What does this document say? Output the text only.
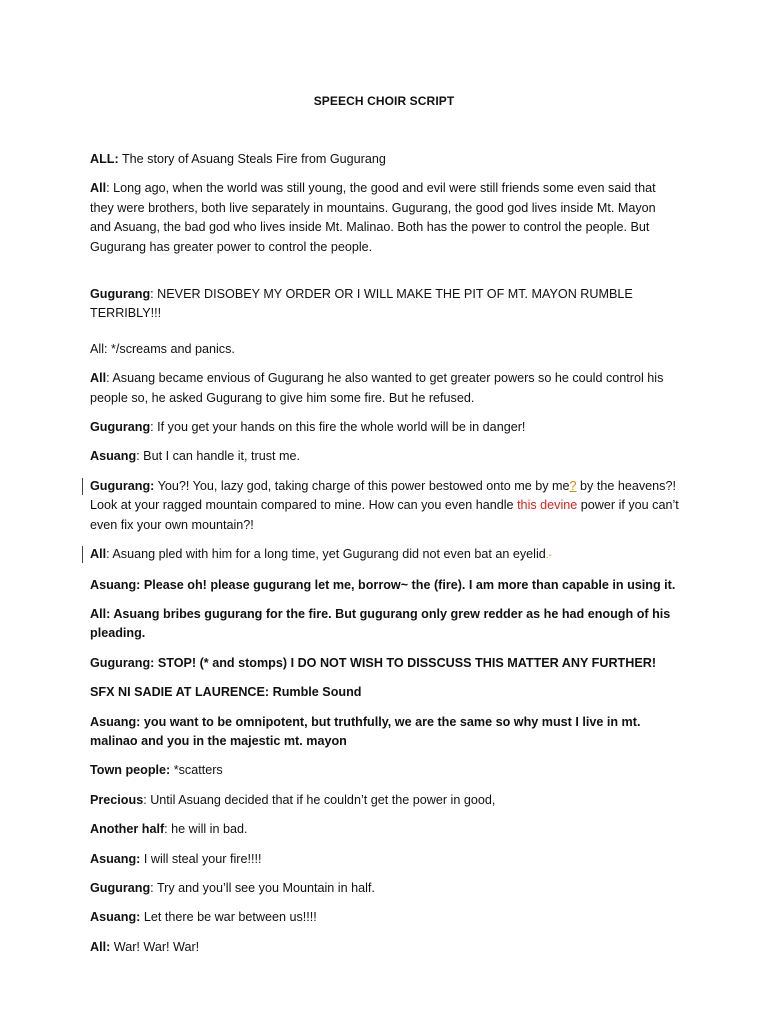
SPEECH CHOIR SCRIPT

ALL: The story of Asuang Steals Fire from Gugurang

All: Long ago, when the world was still young, the good and evil were still friends some even said that they were brothers, both live separately in mountains. Gugurang, the good god lives inside Mt. Mayon and Asuang, the bad god who lives inside Mt. Malinao. Both has the power to control the people. But Gugurang has greater power to control the people.

Gugurang: NEVER DISOBEY MY ORDER OR I WILL MAKE THE PIT OF MT. MAYON RUMBLE TERRIBLY!!!

All: */screams and panics.

All: Asuang became envious of Gugurang he also wanted to get greater powers so he could control his people so, he asked Gugurang to give him some fire. But he refused.

Gugurang: If you get your hands on this fire the whole world will be in danger!

Asuang: But I can handle it, trust me.

Gugurang: You?! You, lazy god, taking charge of this power bestowed onto me by me? by the heavens?! Look at your ragged mountain compared to mine. How can you even handle this devine power if you can’t even fix your own mountain?!

All: Asuang pled with him for a long time, yet Gugurang did not even bat an eyelid.-

Asuang: Please oh! please gugurang let me, borrow~ the (fire). I am more than capable in using it.

All: Asuang bribes gugurang for the fire. But gugurang only grew redder as he had enough of his pleading.

Gugurang: STOP! (* and stomps) I DO NOT WISH TO DISSCUSS THIS MATTER ANY FURTHER!

SFX NI SADIE AT LAURENCE: Rumble Sound

Asuang: you want to be omnipotent, but truthfully, we are the same so why must I live in mt. malinao and you in the majestic mt. mayon

Town people: *scatters

Precious: Until Asuang decided that if he couldn’t get the power in good,

Another half: he will in bad.

Asuang: I will steal your fire!!!!

Gugurang: Try and you’ll see you Mountain in half.

Asuang: Let there be war between us!!!!

All: War! War! War!
